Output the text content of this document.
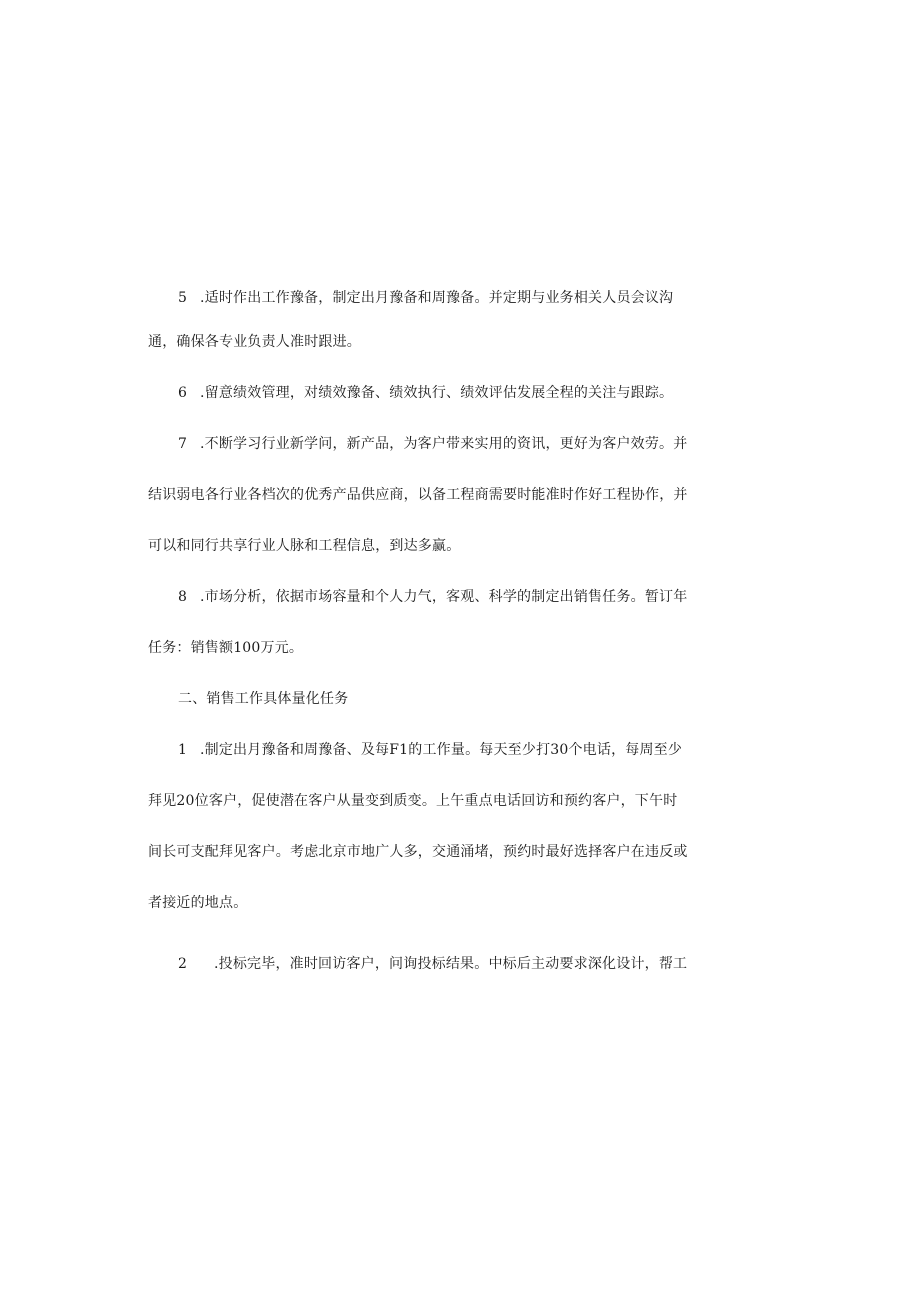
5 .适时作出工作豫备，制定出月豫备和周豫备。并定期与业务相关人员会议沟
通，确保各专业负责人准时跟进。
6 .留意绩效管理，对绩效豫备、绩效执行、绩效评估发展全程的关注与跟踪。
7 .不断学习行业新学问，新产品，为客户带来实用的资讯，更好为客户效劳。并
结识弱电各行业各档次的优秀产品供应商，以备工程商需要时能准时作好工程协作，并
可以和同行共享行业人脉和工程信息，到达多赢。
8 .市场分析，依据市场容量和个人力气，客观、科学的制定出销售任务。暂订年
任务：销售额100万元。
二、销售工作具体量化任务
1 .制定出月豫备和周豫备、及每F1的工作量。每天至少打30个电话，每周至少
拜见20位客户，促使潜在客户从量变到质变。上午重点电话回访和预约客户，下午时
间长可支配拜见客户。考虑北京市地广人多，交通涌堵，预约时最好选择客户在违反或
者接近的地点。
2 .投标完毕，准时回访客户，问询投标结果。中标后主动要求深化设计，帮工
